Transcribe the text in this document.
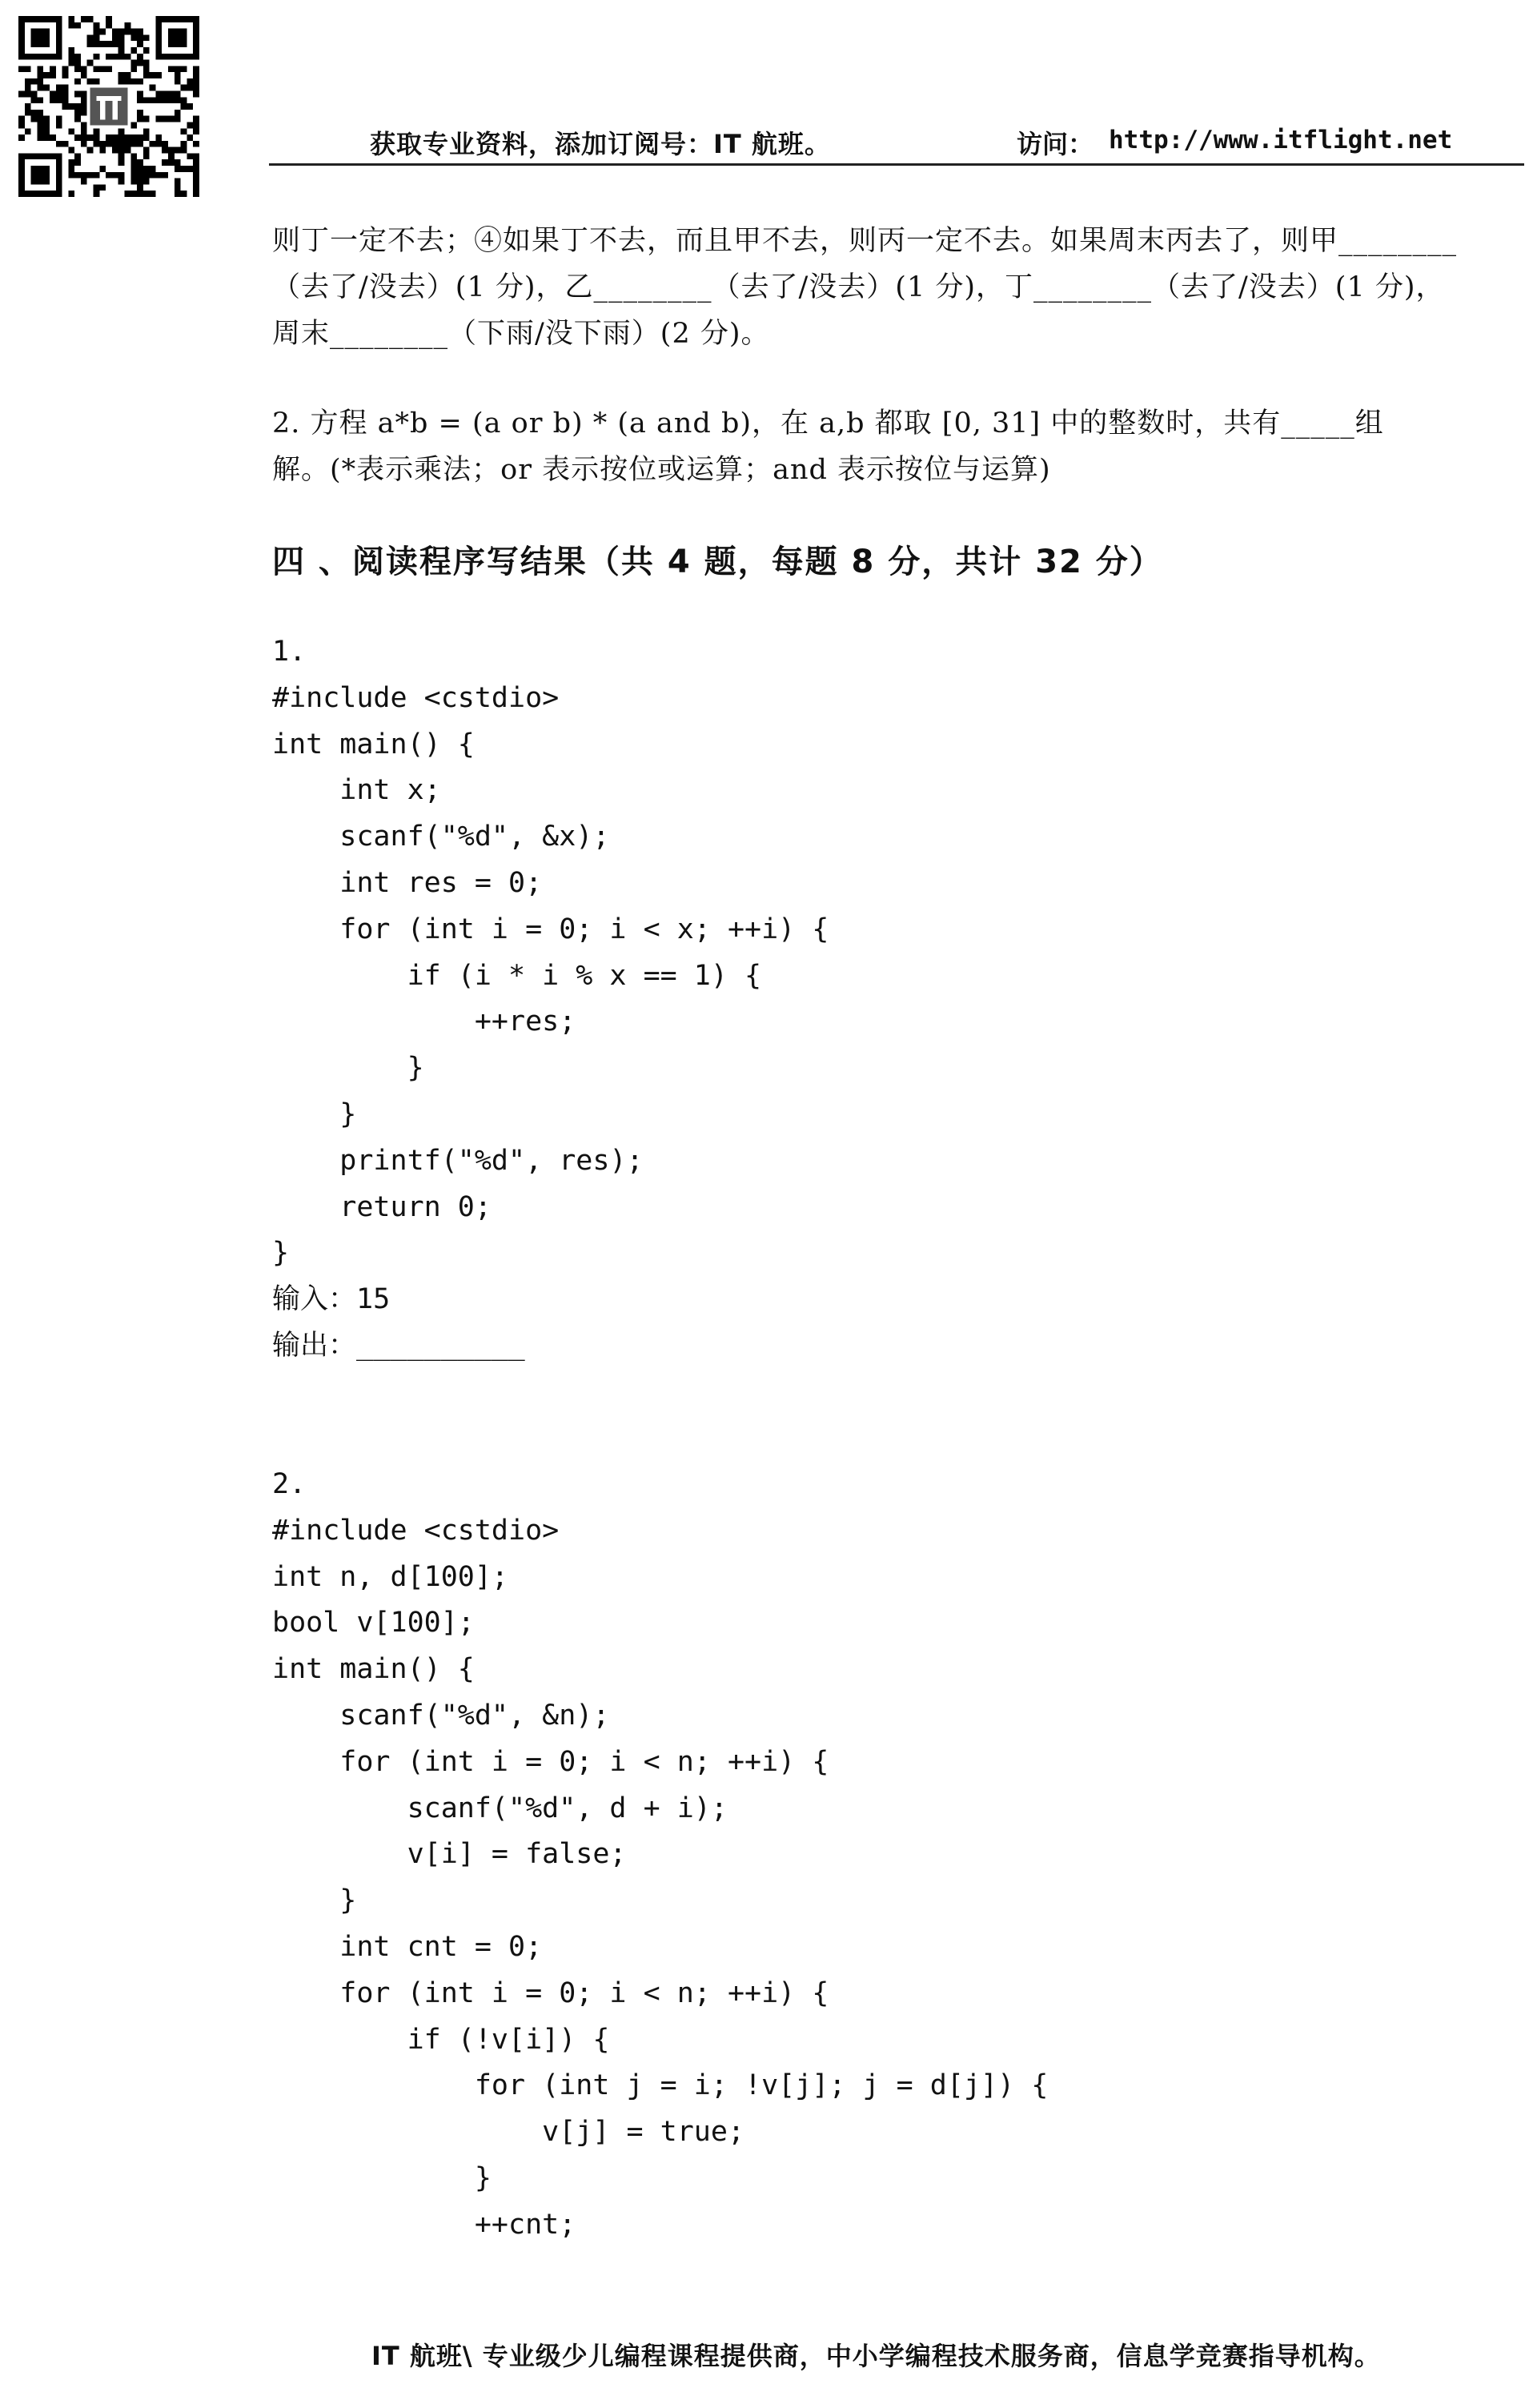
获取专业资料，添加订阅号：IT 航班。	访问： http://www.itflight.net
则丁一定不去；④如果丁不去，而且甲不去，则丙一定不去。如果周末丙去了，则甲________
（去了/没去）(1 分)，乙________（去了/没去）(1 分)，丁________（去了/没去）(1 分)，
周末________（下雨/没下雨）(2 分)。
2. 方程 a*b = (a or b) * (a and b)，在 a,b 都取 [0, 31] 中的整数时，共有_____组
解。(*表示乘法；or 表示按位或运算；and 表示按位与运算)
四 、阅读程序写结果（共 4 题，每题 8 分，共计 32 分）
1.
#include <cstdio>
int main() {
int x;
scanf("%d", &x);
int res = 0;
for (int i = 0; i < x; ++i) {
if (i * i % x == 1) {
++res;
}
}
printf("%d", res);
return 0;
}
输入：15
输出：__________
2.
#include <cstdio>
int n, d[100];
bool v[100];
int main() {
scanf("%d", &n);
for (int i = 0; i < n; ++i) {
scanf("%d", d + i);
v[i] = false;
}
int cnt = 0;
for (int i = 0; i < n; ++i) {
if (!v[i]) {
for (int j = i; !v[j]; j = d[j]) {
v[j] = true;
}
++cnt;
IT 航班\ 专业级少儿编程课程提供商，中小学编程技术服务商，信息学竞赛指导机构。
